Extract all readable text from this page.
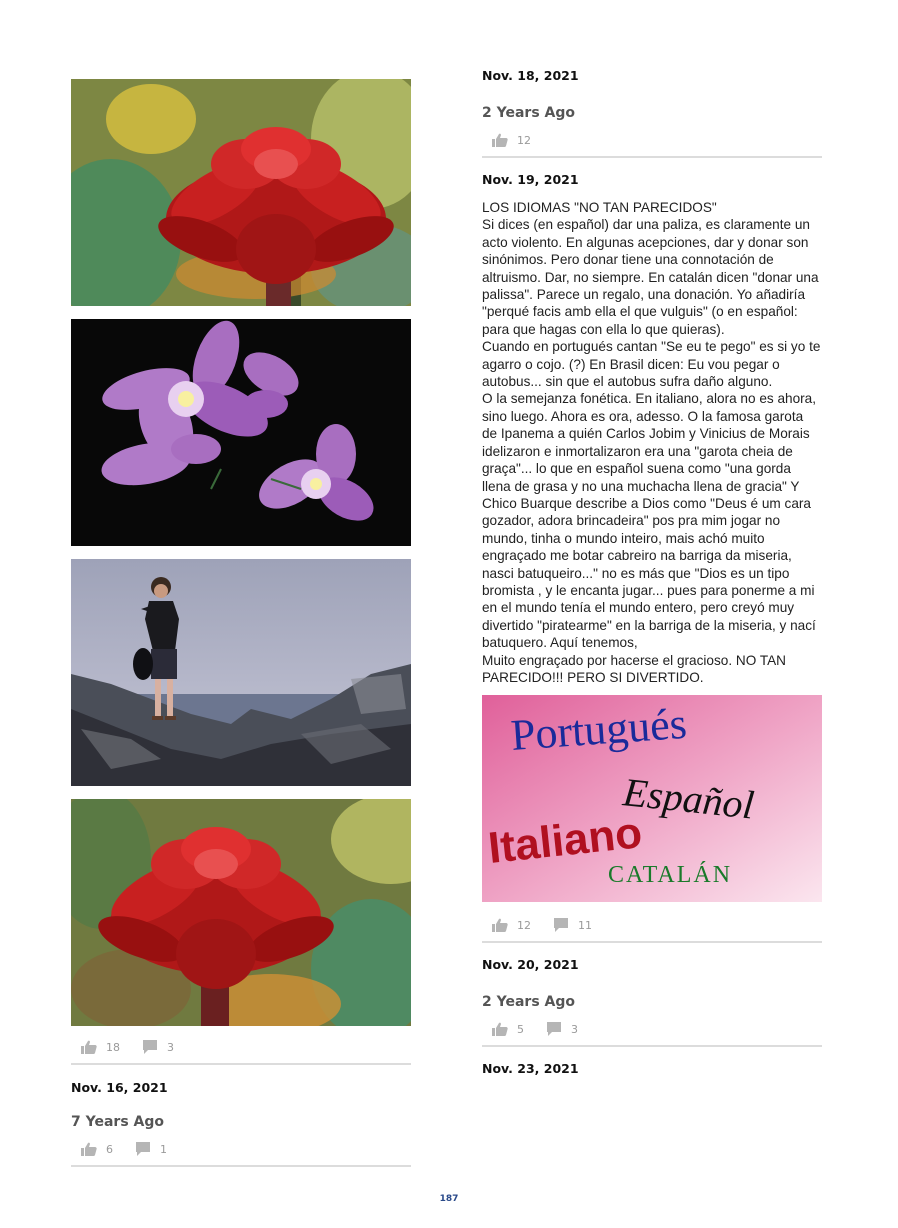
18	3
Nov. 16, 2021
7 Years Ago
6	1
Nov. 18, 2021
2 Years Ago
12
Nov. 19, 2021

LOS IDIOMAS "NO TAN PARECIDOS"

Si dices (en español) dar una paliza, es claramente un acto violento. En algunas acepciones, dar y donar son sinónimos. Pero donar tiene una connotación de altruismo. Dar, no siempre. En catalán dicen "donar una palissa". Parece un regalo, una donación. Yo añadiría "perqué facis amb ella el que vulguis" (o en español: para que hagas con ella lo que quieras).

Cuando en portugués cantan "Se eu te pego" es si yo te agarro o cojo. (?) En Brasil dicen: Eu vou pegar o autobus... sin que el autobus sufra daño alguno.

O la semejanza fonética. En italiano, alora no es ahora, sino luego. Ahora es ora, adesso. O la famosa garota de Ipanema a quién Carlos Jobim y Vinicius de Morais idelizaron e inmortalizaron era una "garota cheia de graça"... lo que en español suena como "una gorda llena de grasa y no una muchacha llena de gracia" Y Chico Buarque describe a Dios como "Deus é um cara gozador, adora brincadeira" pos pra mim jogar no mundo, tinha o mundo inteiro, mais achó muito engraçado me botar cabreiro na barriga da miseria, nasci batuqueiro..." no es más que "Dios es un tipo bromista , y le encanta jugar... pues para ponerme a mi en el mundo tenía el mundo entero, pero creyó muy divertido "piratearme" en la barriga de la miseria, y nací batuquero. Aquí tenemos,

Muito engraçado por hacerse el gracioso. NO TAN PARECIDO!!! PERO SI DIVERTIDO.

Portugués
Español
Italiano
CATALÁN
12	11
Nov. 20, 2021
2 Years Ago
5	3
Nov. 23, 2021
187
